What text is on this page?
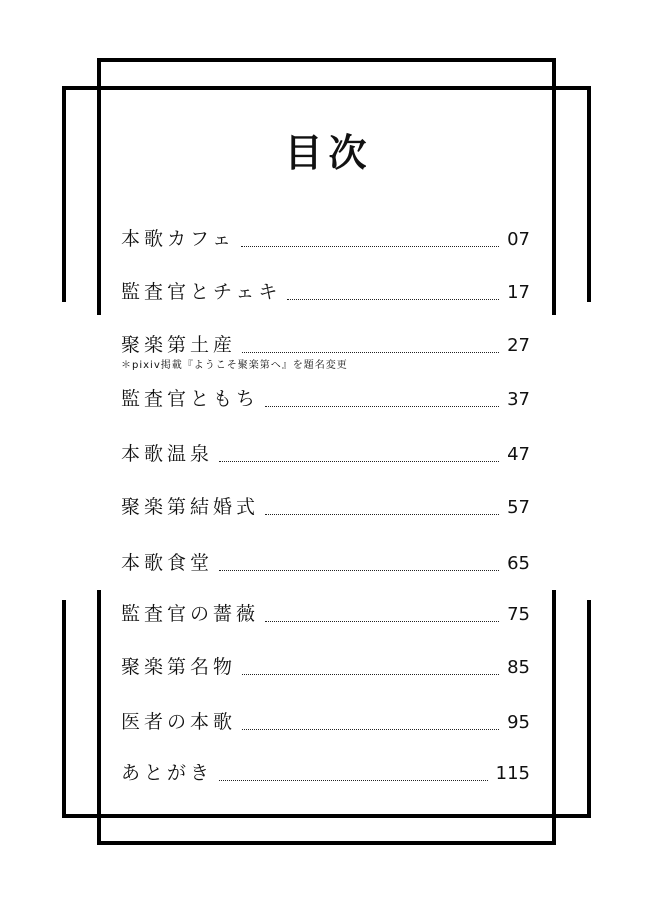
目次
本歌カフェ	07
監査官とチェキ	17
聚楽第土産	27
監査官ともち	37
本歌温泉	47
聚楽第結婚式	57
本歌食堂	65
監査官の薔薇	75
聚楽第名物	85
医者の本歌	95
あとがき	115
＊pixiv掲載『ようこそ聚楽第へ』を題名変更
